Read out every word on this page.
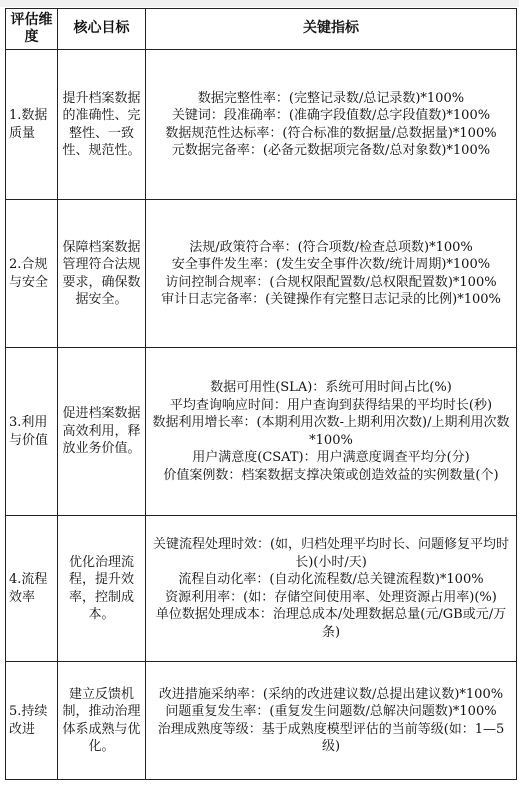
评估维度	核心目标	关键指标
1.数据质量	提升档案数据的准确性、完整性、一致性、规范性。	数据完整性率：(完整记录数/总记录数)*100%
关键词：段准确率：(准确字段值数/总字段值数)*100%
数据规范性达标率：(符合标准的数据量/总数据量)*100%
元数据完备率：(必备元数据项完备数/总对象数)*100%

2.合规与安全	保障档案数据管理符合法规要求，确保数据安全。	法规/政策符合率：(符合项数/检查总项数)*100%
安全事件发生率：(发生安全事件次数/统计周期)*100%
访问控制合规率：(合规权限配置数/总权限配置数)*100%
审计日志完备率：(关键操作有完整日志记录的比例)*100%

3.利用与价值	促进档案数据高效利用，释放业务价值。	数据可用性(SLA)：系统可用时间占比(%)
平均查询响应时间：用户查询到获得结果的平均时长(秒)
数据利用增长率：(本期利用次数-上期利用次数)/上期利用次数*100%
用户满意度(CSAT)：用户满意度调查平均分(分)
价值案例数：档案数据支撑决策或创造效益的实例数量(个)

4.流程效率	优化治理流程，提升效率，控制成本。	关键流程处理时效：(如，归档处理平均时长、问题修复平均时长)(小时/天)
流程自动化率：(自动化流程数/总关键流程数)*100%
资源利用率：(如：存储空间使用率、处理资源占用率)(%)
单位数据处理成本：治理总成本/处理数据总量(元/GB或元/万条)

5.持续改进	建立反馈机制，推动治理体系成熟与优化。	改进措施采纳率：(采纳的改进建议数/总提出建议数)*100%
问题重复发生率：(重复发生问题数/总解决问题数)*100%
治理成熟度等级：基于成熟度模型评估的当前等级(如：1—5级)
